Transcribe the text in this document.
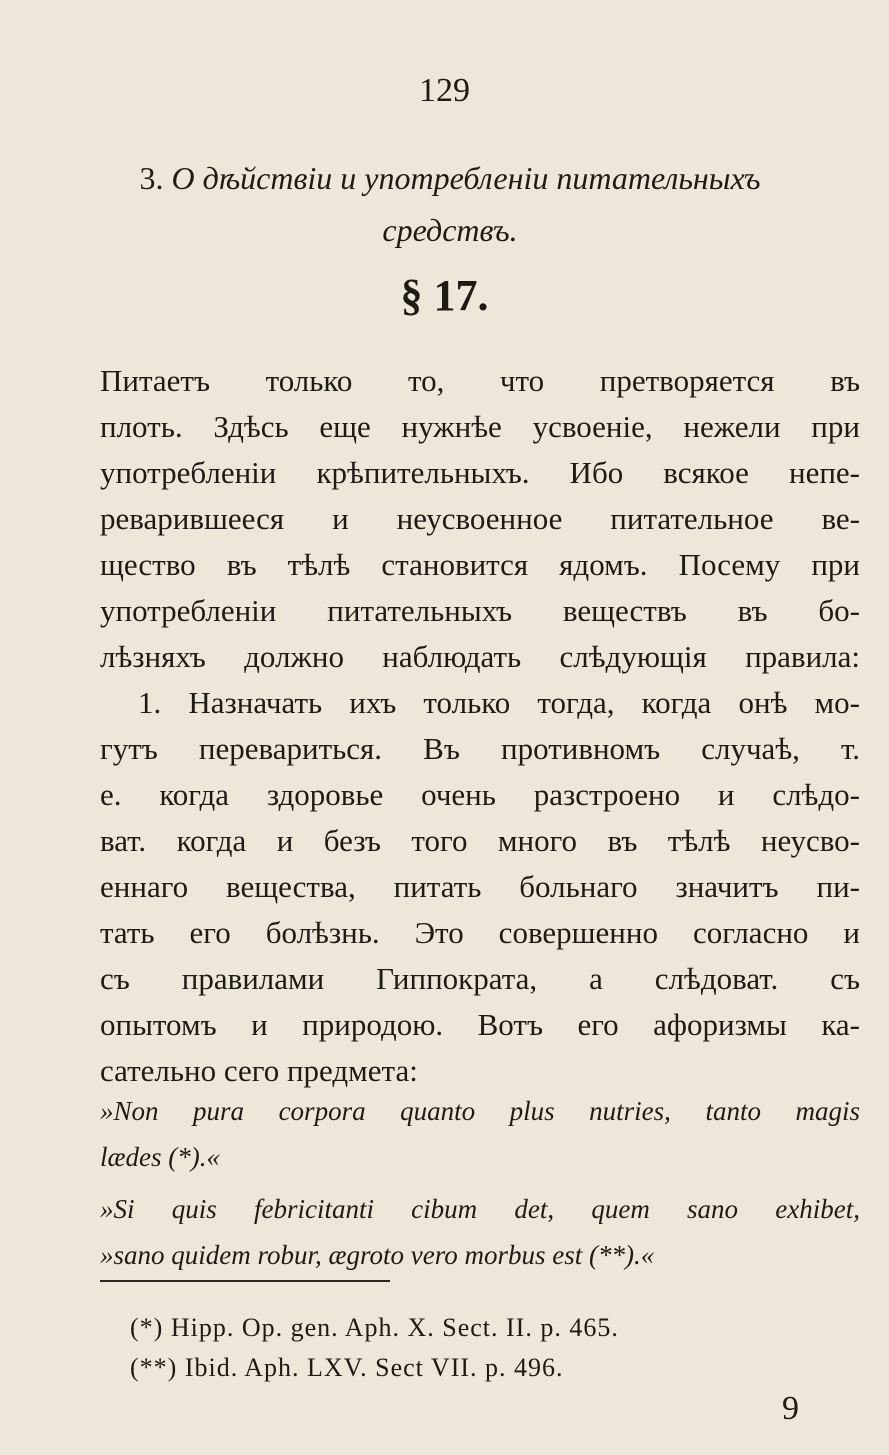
129
3. О дѣйствіи и употребленіи питательныхъ
средствъ.
§ 17.
Питаетъ только то, что претворяется въ
плоть. Здѣсь еще нужнѣе усвоеніе, нежели при
употребленіи крѣпительныхъ. Ибо всякое непе-
реварившееся и неусвоенное питательное ве-
щество въ тѣлѣ становится ядомъ. Посему при
употребленіи питательныхъ веществъ въ бо-
лѣзняхъ должно наблюдать слѣдующія правила:
1. Назначать ихъ только тогда, когда онѣ мо-
гутъ перевариться. Въ противномъ случаѣ, т.
е. когда здоровье очень разстроено и слѣдо-
ват. когда и безъ того много въ тѣлѣ неусво-
еннаго вещества, питать больнаго значитъ пи-
тать его болѣзнь. Это совершенно согласно и
съ правилами Гиппократа, а слѣдоват. съ
опытомъ и природою. Вотъ его афоризмы ка-
сательно сего предмета:
»Non pura corpora quanto plus nutries, tanto magis
lædes (*).«
»Si quis febricitanti cibum det, quem sano exhibet,
»sano quidem robur, ægroto vero morbus est (**).«
(*) Hipp. Op. gen. Aph. X. Sect. II. p. 465.
(**) Ibid. Aph. LXV. Sect VII. p. 496.
9
